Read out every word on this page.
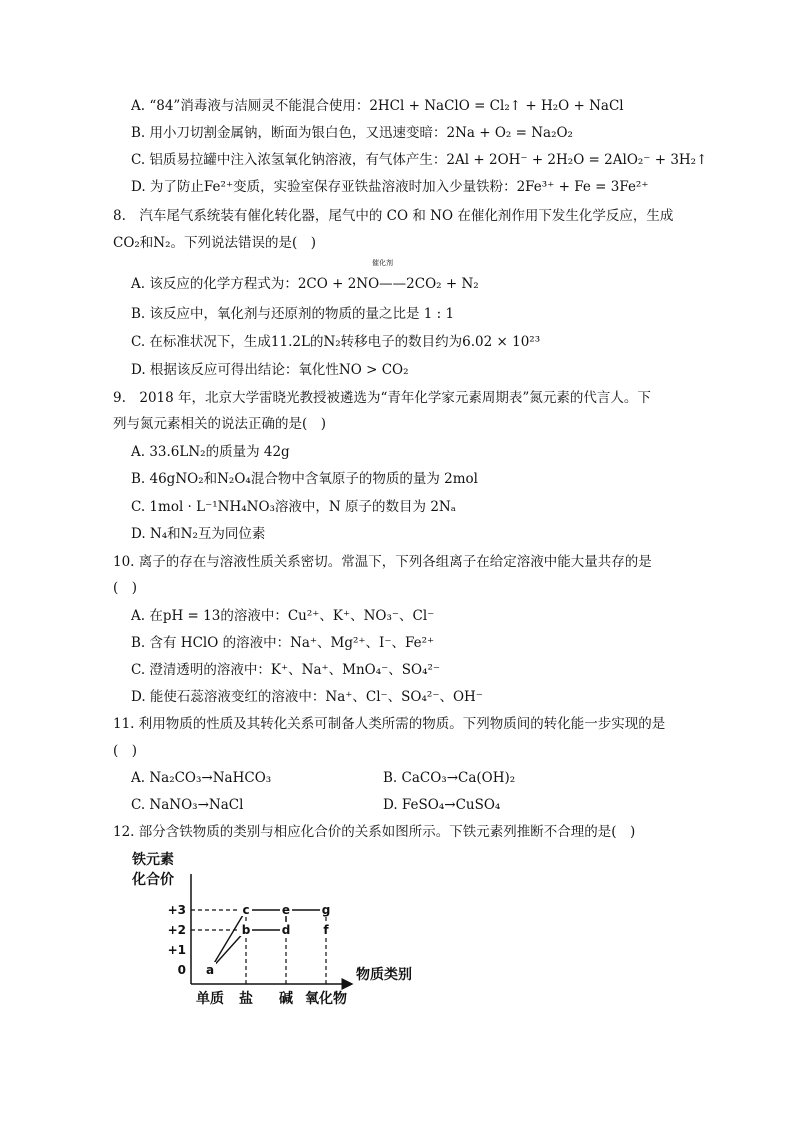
A. “84”消毒液与洁厕灵不能混合使用：2HCl + NaClO = Cl₂↑ + H₂O + NaCl
B. 用小刀切割金属钠，断面为银白色，又迅速变暗：2Na + O₂ = Na₂O₂
C. 铝质易拉罐中注入浓氢氧化钠溶液，有气体产生：2Al + 2OH⁻ + 2H₂O = 2AlO₂⁻ + 3H₂↑
D. 为了防止Fe²⁺变质，实验室保存亚铁盐溶液时加入少量铁粉：2Fe³⁺ + Fe = 3Fe²⁺
8.　汽车尾气系统装有催化转化器，尾气中的 CO 和 NO 在催化剂作用下发生化学反应，生成
CO₂和N₂。下列说法错误的是(　)
催化剂
A. 该反应的化学方程式为：2CO + 2NO——2CO₂ + N₂
B. 该反应中，氧化剂与还原剂的物质的量之比是 1 : 1
C. 在标准状况下，生成11.2L的N₂转移电子的数目约为6.02 × 10²³
D. 根据该反应可得出结论：氧化性NO > CO₂
9.　2018 年，北京大学雷晓光教授被遴选为“青年化学家元素周期表”氮元素的代言人。下
列与氮元素相关的说法正确的是(　)
A. 33.6LN₂的质量为 42g
B. 46gNO₂和N₂O₄混合物中含氧原子的物质的量为 2mol
C. 1mol · L⁻¹NH₄NO₃溶液中，N 原子的数目为 2Nₐ
D. N₄和N₂互为同位素
10. 离子的存在与溶液性质关系密切。常温下，下列各组离子在给定溶液中能大量共存的是
(　)
A. 在pH = 13的溶液中：Cu²⁺、K⁺、NO₃⁻、Cl⁻
B. 含有 HClO 的溶液中：Na⁺、Mg²⁺、I⁻、Fe²⁺
C. 澄清透明的溶液中：K⁺、Na⁺、MnO₄⁻、SO₄²⁻
D. 能使石蕊溶液变红的溶液中：Na⁺、Cl⁻、SO₄²⁻、OH⁻
11. 利用物质的性质及其转化关系可制备人类所需的物质。下列物质间的转化能一步实现的是
(　)
A. Na₂CO₃→NaHCO₃	B. CaCO₃→Ca(OH)₂
C. NaNO₃→NaCl	D. FeSO₄→CuSO₄
12. 部分含铁物质的类别与相应化合价的关系如图所示。下铁元素列推断不合理的是(　)
铁元素
化合价
物质类别
0
+1
+2
+3
单质 盐 碱 氧化物
a
b
c
d
e
f
g
